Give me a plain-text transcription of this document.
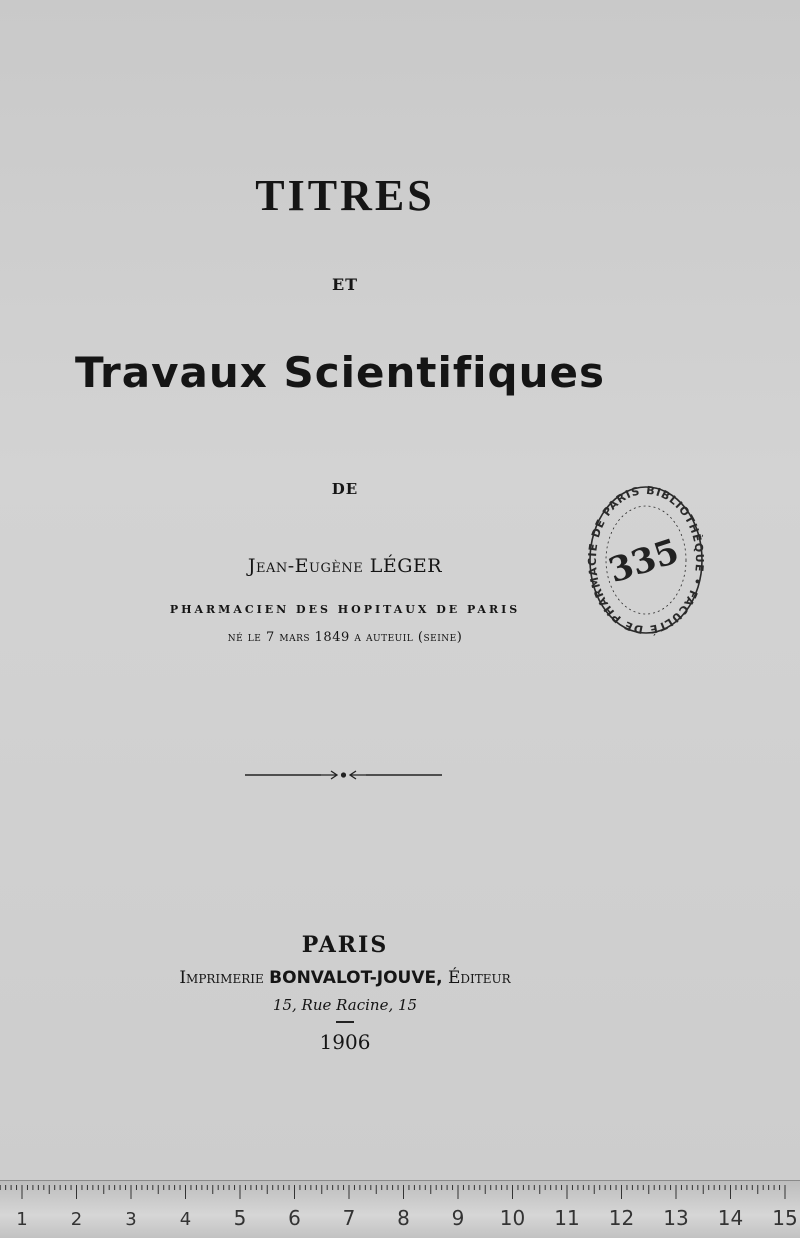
TITRES
ET
Travaux Scientifiques
DE
Jean-Eugène LÉGER
PHARMACIEN DES HOPITAUX DE PARIS
né le 7 mars 1849 a auteuil (seine)
PARIS
Imprimerie BONVALOT-JOUVE, Éditeur
15, Rue Racine, 15
1906
BIBLIOTHÈQUE • FACULTÉ DE PHARMACIE DE PARIS
335
1 2 3 4 5 6 7 8 9 10 11 12 13 14 15
